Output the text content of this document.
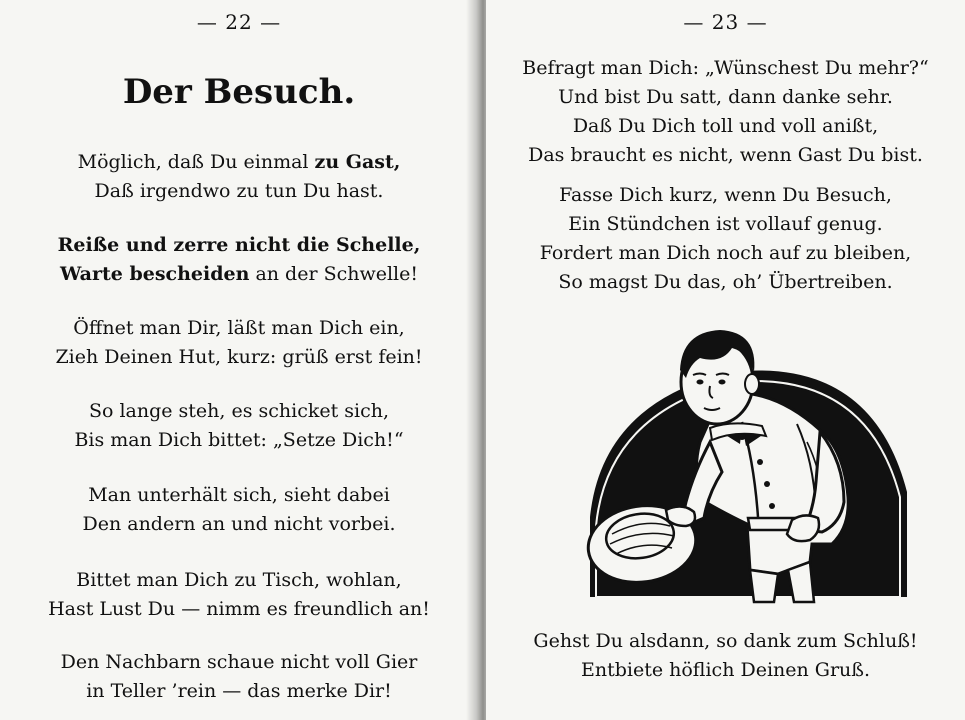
— 22 —
Der Besuch.
Möglich, daß Du einmal zu Gast,
Daß irgendwo zu tun Du hast.
Reiße und zerre nicht die Schelle,
Warte bescheiden an der Schwelle!
Öffnet man Dir, läßt man Dich ein,
Zieh Deinen Hut, kurz: grüß erst fein!
So lange steh, es schicket sich,
Bis man Dich bittet: „Setze Dich!“
Man unterhält sich, sieht dabei
Den andern an und nicht vorbei.
Bittet man Dich zu Tisch, wohlan,
Hast Lust Du — nimm es freundlich an!
Den Nachbarn schaue nicht voll Gier
in Teller ’rein — das merke Dir!
— 23 —
Befragt man Dich: „Wünschest Du mehr?“
Und bist Du satt, dann danke sehr.
Daß Du Dich toll und voll anißt,
Das braucht es nicht, wenn Gast Du bist.
Fasse Dich kurz, wenn Du Besuch,
Ein Stündchen ist vollauf genug.
Fordert man Dich noch auf zu bleiben,
So magst Du das, oh’ Übertreiben.
Gehst Du alsdann, so dank zum Schluß!
Entbiete höflich Deinen Gruß.
